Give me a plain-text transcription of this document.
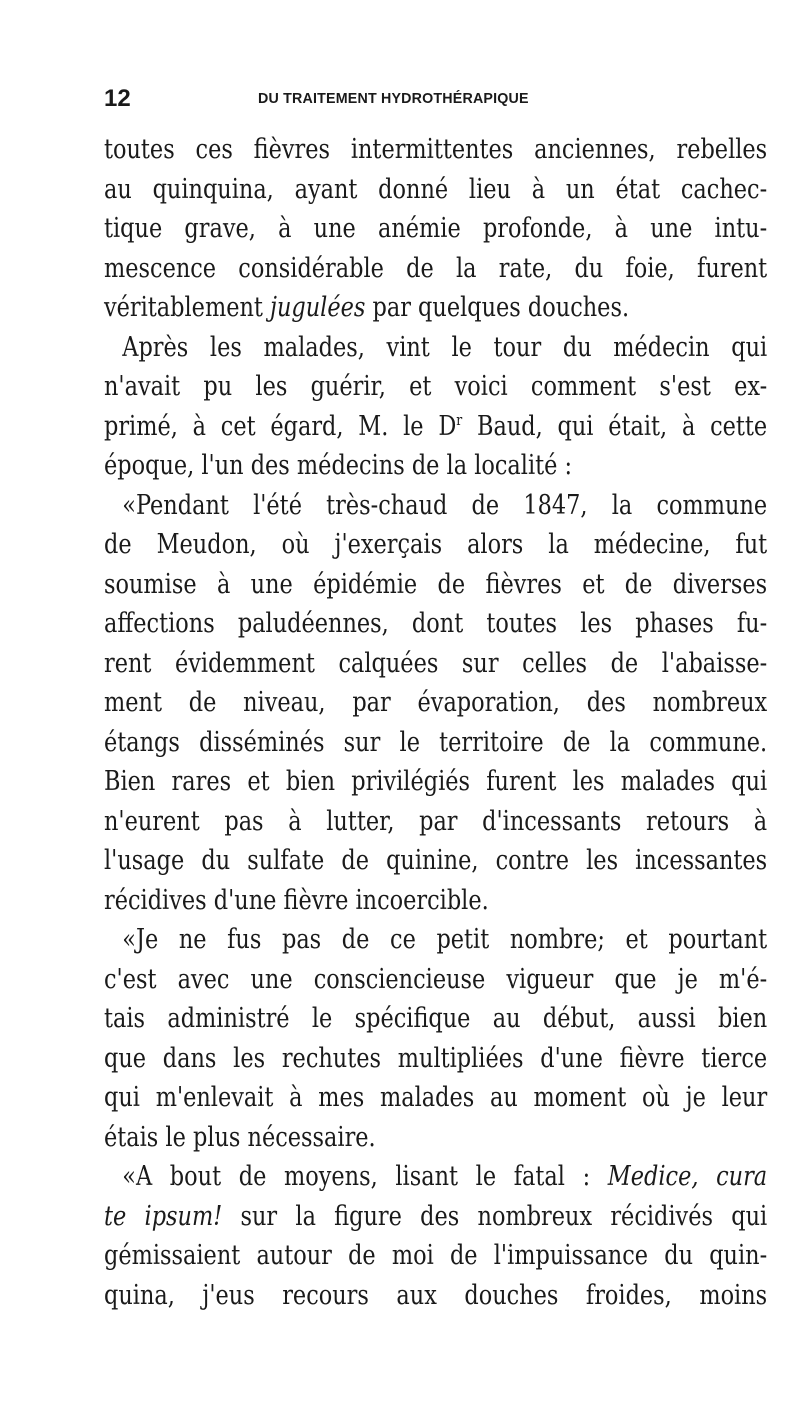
12	DU TRAITEMENT HYDROTHÉRAPIQUE
toutes ces fièvres intermittentes anciennes, rebelles
au quinquina, ayant donné lieu à un état cachec-
tique grave, à une anémie profonde, à une intu-
mescence considérable de la rate, du foie, furent
véritablement jugulées par quelques douches.
Après les malades, vint le tour du médecin qui
n'avait pu les guérir, et voici comment s'est ex-
primé, à cet égard, M. le $D^r$ Baud, qui était, à cette
époque, l'un des médecins de la localité :
«Pendant l'été très-chaud de 1847, la commune
de Meudon, où j'exerçais alors la médecine, fut
soumise à une épidémie de fièvres et de diverses
affections paludéennes, dont toutes les phases fu-
rent évidemment calquées sur celles de l'abaisse-
ment de niveau, par évaporation, des nombreux
étangs disséminés sur le territoire de la commune.
Bien rares et bien privilégiés furent les malades qui
n'eurent pas à lutter, par d'incessants retours à
l'usage du sulfate de quinine, contre les incessantes
récidives d'une fièvre incoercible.
«Je ne fus pas de ce petit nombre; et pourtant
c'est avec une consciencieuse vigueur que je m'é-
tais administré le spécifique au début, aussi bien
que dans les rechutes multipliées d'une fièvre tierce
qui m'enlevait à mes malades au moment où je leur
étais le plus nécessaire.
«A bout de moyens, lisant le fatal : Medice, cura
te ipsum! sur la figure des nombreux récidivés qui
gémissaient autour de moi de l'impuissance du quin-
quina, j'eus recours aux douches froides, moins
